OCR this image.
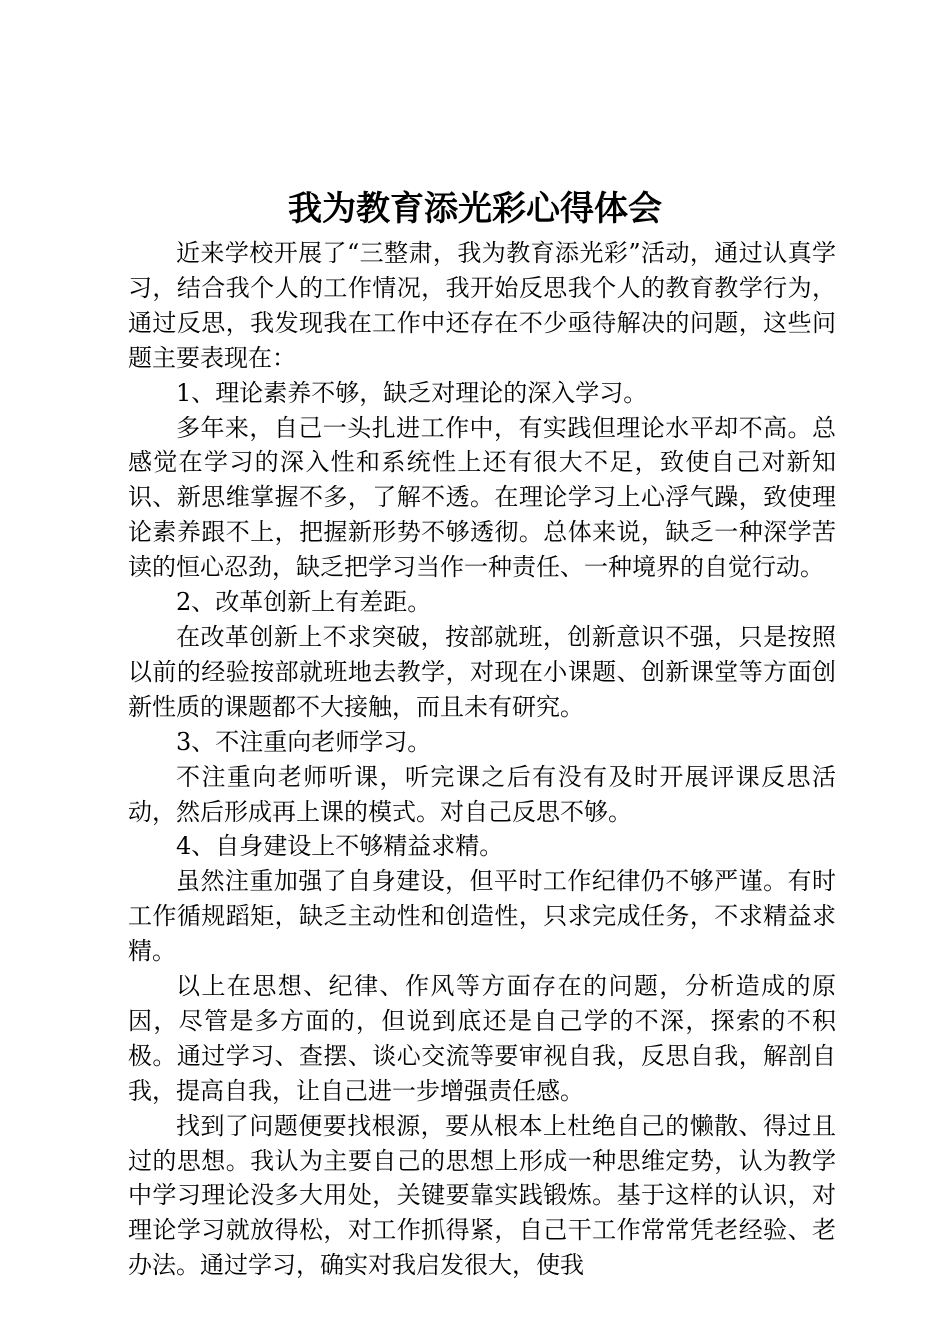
我为教育添光彩心得体会

近来学校开展了“三整肃，我为教育添光彩”活动，通过认真学习，结合我个人的工作情况，我开始反思我个人的教育教学行为，通过反思，我发现我在工作中还存在不少亟待解决的问题，这些问题主要表现在：

1、理论素养不够，缺乏对理论的深入学习。

多年来，自己一头扎进工作中，有实践但理论水平却不高。总感觉在学习的深入性和系统性上还有很大不足，致使自己对新知识、新思维掌握不多，了解不透。在理论学习上心浮气躁，致使理论素养跟不上，把握新形势不够透彻。总体来说，缺乏一种深学苦读的恒心忍劲，缺乏把学习当作一种责任、一种境界的自觉行动。

2、改革创新上有差距。

在改革创新上不求突破，按部就班，创新意识不强，只是按照以前的经验按部就班地去教学，对现在小课题、创新课堂等方面创新性质的课题都不大接触，而且未有研究。

3、不注重向老师学习。

不注重向老师听课，听完课之后有没有及时开展评课反思活动，然后形成再上课的模式。对自己反思不够。

4、自身建设上不够精益求精。

虽然注重加强了自身建设，但平时工作纪律仍不够严谨。有时工作循规蹈矩，缺乏主动性和创造性，只求完成任务，不求精益求精。

以上在思想、纪律、作风等方面存在的问题，分析造成的原因，尽管是多方面的，但说到底还是自己学的不深，探索的不积极。通过学习、查摆、谈心交流等要审视自我，反思自我，解剖自我，提高自我，让自己进一步增强责任感。

找到了问题便要找根源，要从根本上杜绝自己的懒散、得过且过的思想。我认为主要自己的思想上形成一种思维定势，认为教学中学习理论没多大用处，关键要靠实践锻炼。基于这样的认识，对理论学习就放得松，对工作抓得紧，自己干工作常常凭老经验、老办法。通过学习，确实对我启发很大，使我
